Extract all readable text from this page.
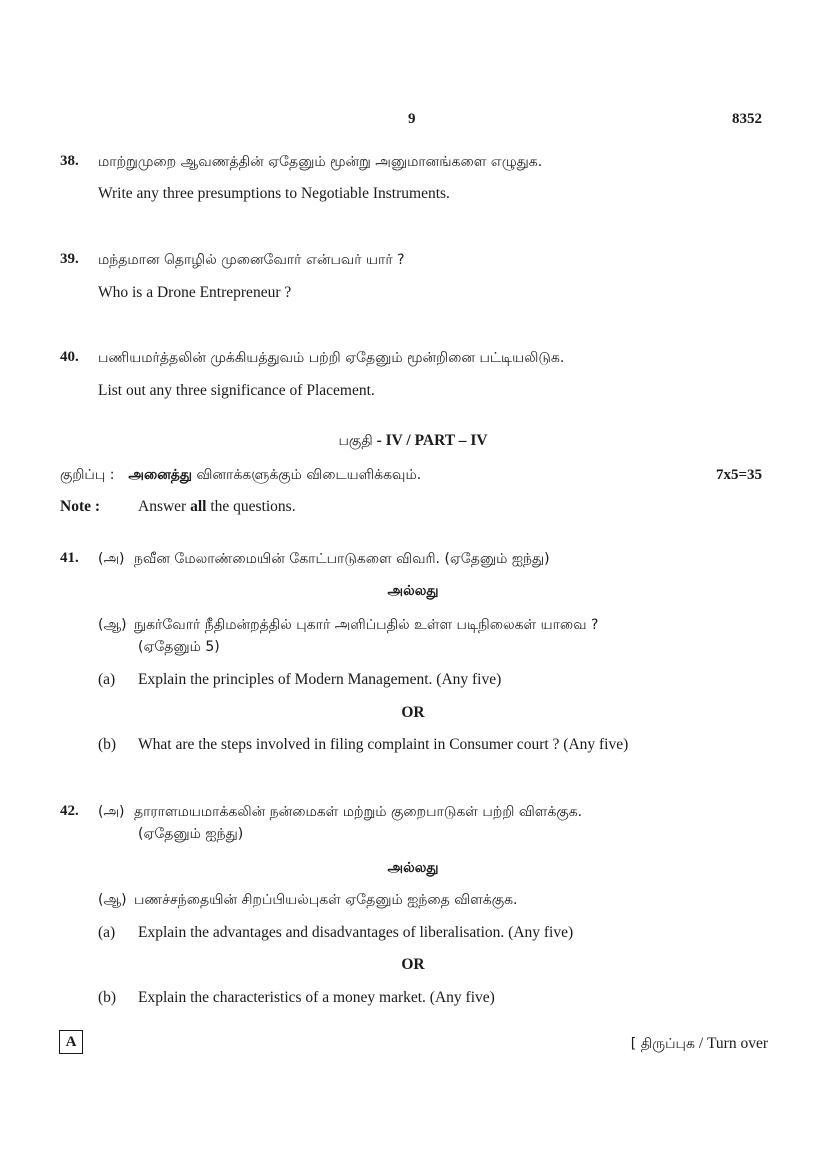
9	8352
38. மாற்றுமுறை ஆவணத்தின் ஏதேனும் மூன்று அனுமானங்களை எழுதுக.
Write any three presumptions to Negotiable Instruments.
39. மந்தமான தொழில் முனைவோர் என்பவர் யார் ?
Who is a Drone Entrepreneur ?
40. பணியமர்த்தலின் முக்கியத்துவம் பற்றி ஏதேனும் மூன்றினை பட்டியலிடுக.
List out any three significance of Placement.
பகுதி - IV / PART – IV
குறிப்பு : அனைத்து வினாக்களுக்கும் விடையளிக்கவும்.	7x5=35
Note : Answer all the questions.
41. (அ) நவீன மேலாண்மையின் கோட்பாடுகளை விவரி. (ஏதேனும் ஐந்து)
அல்லது
(ஆ) நுகர்வோர் நீதிமன்றத்தில் புகார் அளிப்பதில் உள்ள படிநிலைகள் யாவை ?
(ஏதேனும் 5)
(a) Explain the principles of Modern Management. (Any five)
OR
(b) What are the steps involved in filing complaint in Consumer court ? (Any five)
42. (அ) தாராளமயமாக்கலின் நன்மைகள் மற்றும் குறைபாடுகள் பற்றி விளக்குக.
(ஏதேனும் ஐந்து)
அல்லது
(ஆ) பணச்சந்தையின் சிறப்பியல்புகள் ஏதேனும் ஐந்தை விளக்குக.
(a) Explain the advantages and disadvantages of liberalisation. (Any five)
OR
(b) Explain the characteristics of a money market. (Any five)
A	[ திருப்புக / Turn over
